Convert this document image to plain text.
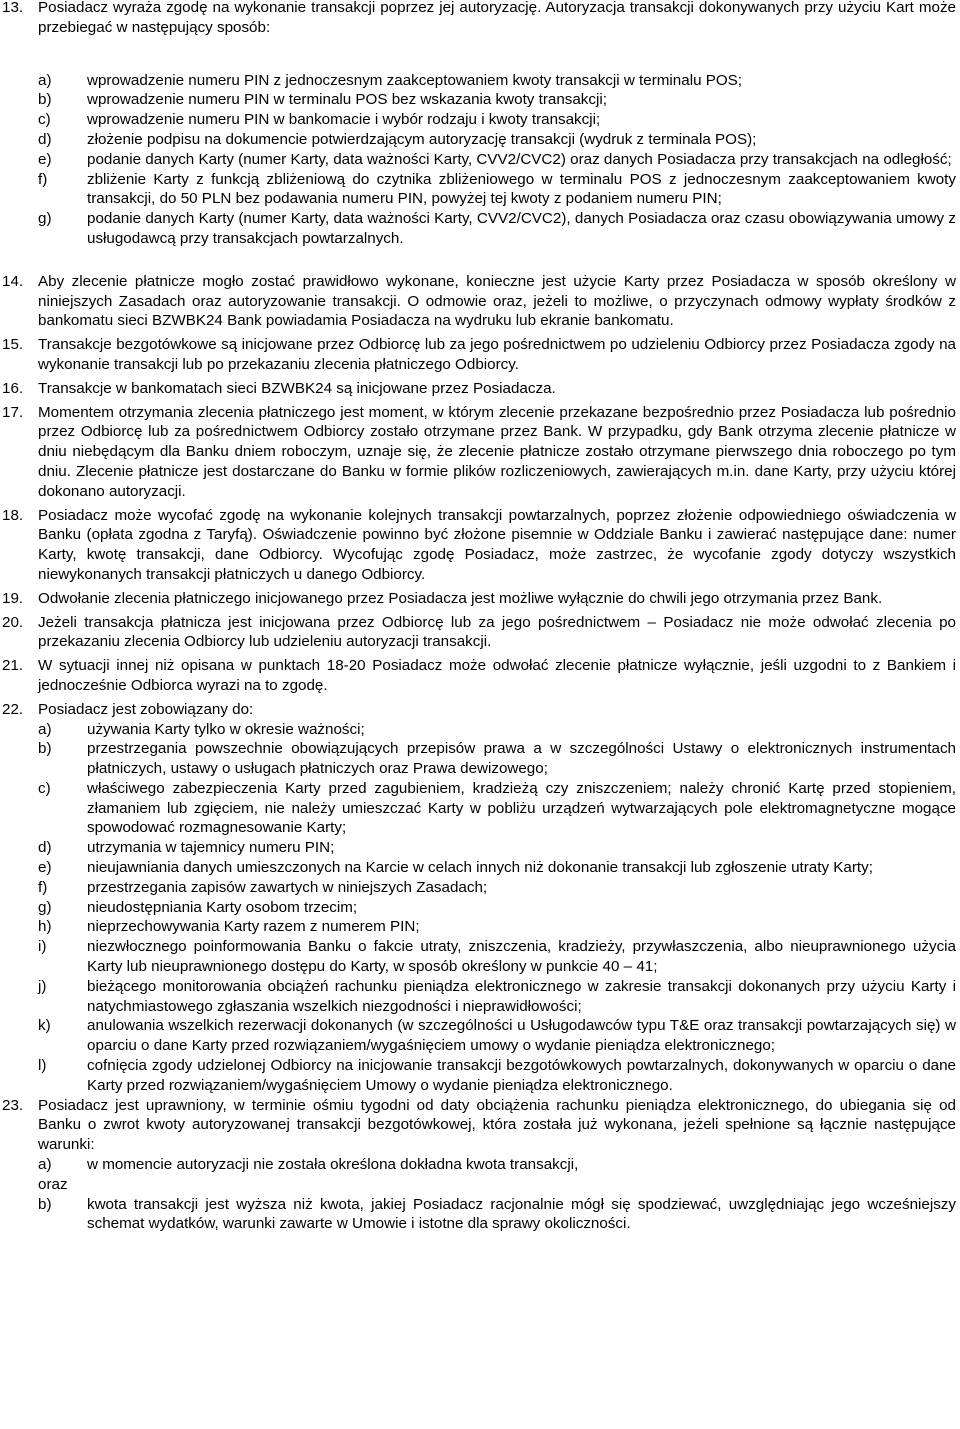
13. Posiadacz wyraża zgodę na wykonanie transakcji poprzez jej autoryzację. Autoryzacja transakcji dokonywanych przy użyciu Kart może przebiegać w następujący sposób:
a) wprowadzenie numeru PIN z jednoczesnym zaakceptowaniem kwoty transakcji w terminalu POS;
b) wprowadzenie numeru PIN w terminalu POS bez wskazania kwoty transakcji;
c) wprowadzenie numeru PIN w bankomacie i wybór rodzaju i kwoty transakcji;
d) złożenie podpisu na dokumencie potwierdzającym autoryzację transakcji (wydruk z terminala POS);
e) podanie danych Karty (numer Karty, data ważności Karty, CVV2/CVC2) oraz danych Posiadacza przy transakcjach na odległość;
f)	zbliżenie Karty z funkcją zbliżeniową do czytnika zbliżeniowego w terminalu POS z jednoczesnym zaakceptowaniem kwoty transakcji, do 50 PLN bez podawania numeru PIN, powyżej tej kwoty z podaniem numeru PIN;
g) podanie danych Karty (numer Karty, data ważności Karty, CVV2/CVC2), danych Posiadacza oraz czasu obowiązywania umowy z usługodawcą przy transakcjach powtarzalnych.
14. Aby zlecenie płatnicze mogło zostać prawidłowo wykonane, konieczne jest użycie Karty przez Posiadacza w sposób określony w niniejszych Zasadach oraz autoryzowanie transakcji. O odmowie oraz, jeżeli to możliwe, o przyczynach odmowy wypłaty środków z bankomatu sieci BZWBK24 Bank powiadamia Posiadacza na wydruku lub ekranie bankomatu.
15. Transakcje bezgotówkowe są inicjowane przez Odbiorcę lub za jego pośrednictwem po udzieleniu Odbiorcy przez Posiadacza zgody na wykonanie transakcji lub po przekazaniu zlecenia płatniczego Odbiorcy.
16. Transakcje w bankomatach sieci BZWBK24 są inicjowane przez Posiadacza.
17. Momentem otrzymania zlecenia płatniczego jest moment, w którym zlecenie przekazane bezpośrednio przez Posiadacza lub pośrednio przez Odbiorcę lub za pośrednictwem Odbiorcy zostało otrzymane przez Bank. W przypadku, gdy Bank otrzyma zlecenie płatnicze w dniu niebędącym dla Banku dniem roboczym, uznaje się, że zlecenie płatnicze zostało otrzymane pierwszego dnia roboczego po tym dniu. Zlecenie płatnicze jest dostarczane do Banku w formie plików rozliczeniowych, zawierających m.in. dane Karty, przy użyciu której dokonano autoryzacji.
18. Posiadacz może wycofać zgodę na wykonanie kolejnych transakcji powtarzalnych, poprzez złożenie odpowiedniego oświadczenia w Banku (opłata zgodna z Taryfą). Oświadczenie powinno być złożone pisemnie w Oddziale Banku i zawierać następujące dane: numer Karty, kwotę transakcji, dane Odbiorcy. Wycofując zgodę Posiadacz, może zastrzec, że wycofanie zgody dotyczy wszystkich niewykonanych transakcji płatniczych u danego Odbiorcy.
19. Odwołanie zlecenia płatniczego inicjowanego przez Posiadacza jest możliwe wyłącznie do chwili jego otrzymania przez Bank.
20. Jeżeli transakcja płatnicza jest inicjowana przez Odbiorcę lub za jego pośrednictwem – Posiadacz nie może odwołać zlecenia po przekazaniu zlecenia Odbiorcy lub udzieleniu autoryzacji transakcji.
21. W sytuacji innej niż opisana w punktach 18-20 Posiadacz może odwołać zlecenie płatnicze wyłącznie, jeśli uzgodni to z Bankiem i jednocześnie Odbiorca wyrazi na to zgodę.
22. Posiadacz jest zobowiązany do:
a) używania Karty tylko w okresie ważności;
b) przestrzegania powszechnie obowiązujących przepisów prawa a w szczególności Ustawy o elektronicznych instrumentach płatniczych, ustawy o usługach płatniczych oraz Prawa dewizowego;
c) właściwego zabezpieczenia Karty przed zagubieniem, kradzieżą czy zniszczeniem; należy chronić Kartę przed stopieniem, złamaniem lub zgięciem, nie należy umieszczać Karty w pobliżu urządzeń wytwarzających pole elektromagnetyczne mogące spowodować rozmagnesowanie Karty;
d) utrzymania w tajemnicy numeru PIN;
e) nieujawniania danych umieszczonych na Karcie w celach innych niż dokonanie transakcji lub zgłoszenie utraty Karty;
f)	przestrzegania zapisów zawartych w niniejszych Zasadach;
g) nieudostępniania Karty osobom trzecim;
h) nieprzechowywania Karty razem z numerem PIN;
i)	niezwłocznego poinformowania Banku o fakcie utraty, zniszczenia, kradzieży, przywłaszczenia, albo nieuprawnionego użycia Karty lub nieuprawnionego dostępu do Karty, w sposób określony w punkcie 40 – 41;
j)	bieżącego monitorowania obciążeń rachunku pieniądza elektronicznego w zakresie transakcji dokonanych przy użyciu Karty i natychmiastowego zgłaszania wszelkich niezgodności i nieprawidłowości;
k) anulowania wszelkich rezerwacji dokonanych (w szczególności u Usługodawców typu T&E oraz transakcji powtarzających się) w oparciu o dane Karty przed rozwiązaniem/wygaśnięciem umowy o wydanie pieniądza elektronicznego;
l)	cofnięcia zgody udzielonej Odbiorcy na inicjowanie transakcji bezgotówkowych powtarzalnych, dokonywanych w oparciu o dane Karty przed rozwiązaniem/wygaśnięciem Umowy o wydanie pieniądza elektronicznego.
23. Posiadacz jest uprawniony, w terminie ośmiu tygodni od daty obciążenia rachunku pieniądza elektronicznego, do ubiegania się od Banku o zwrot kwoty autoryzowanej transakcji bezgotówkowej, która została już wykonana, jeżeli spełnione są łącznie następujące warunki:
a) w momencie autoryzacji nie została określona dokładna kwota transakcji,
oraz
b) kwota transakcji jest wyższa niż kwota, jakiej Posiadacz racjonalnie mógł się spodziewać, uwzględniając jego wcześniejszy schemat wydatków, warunki zawarte w Umowie i istotne dla sprawy okoliczności.
